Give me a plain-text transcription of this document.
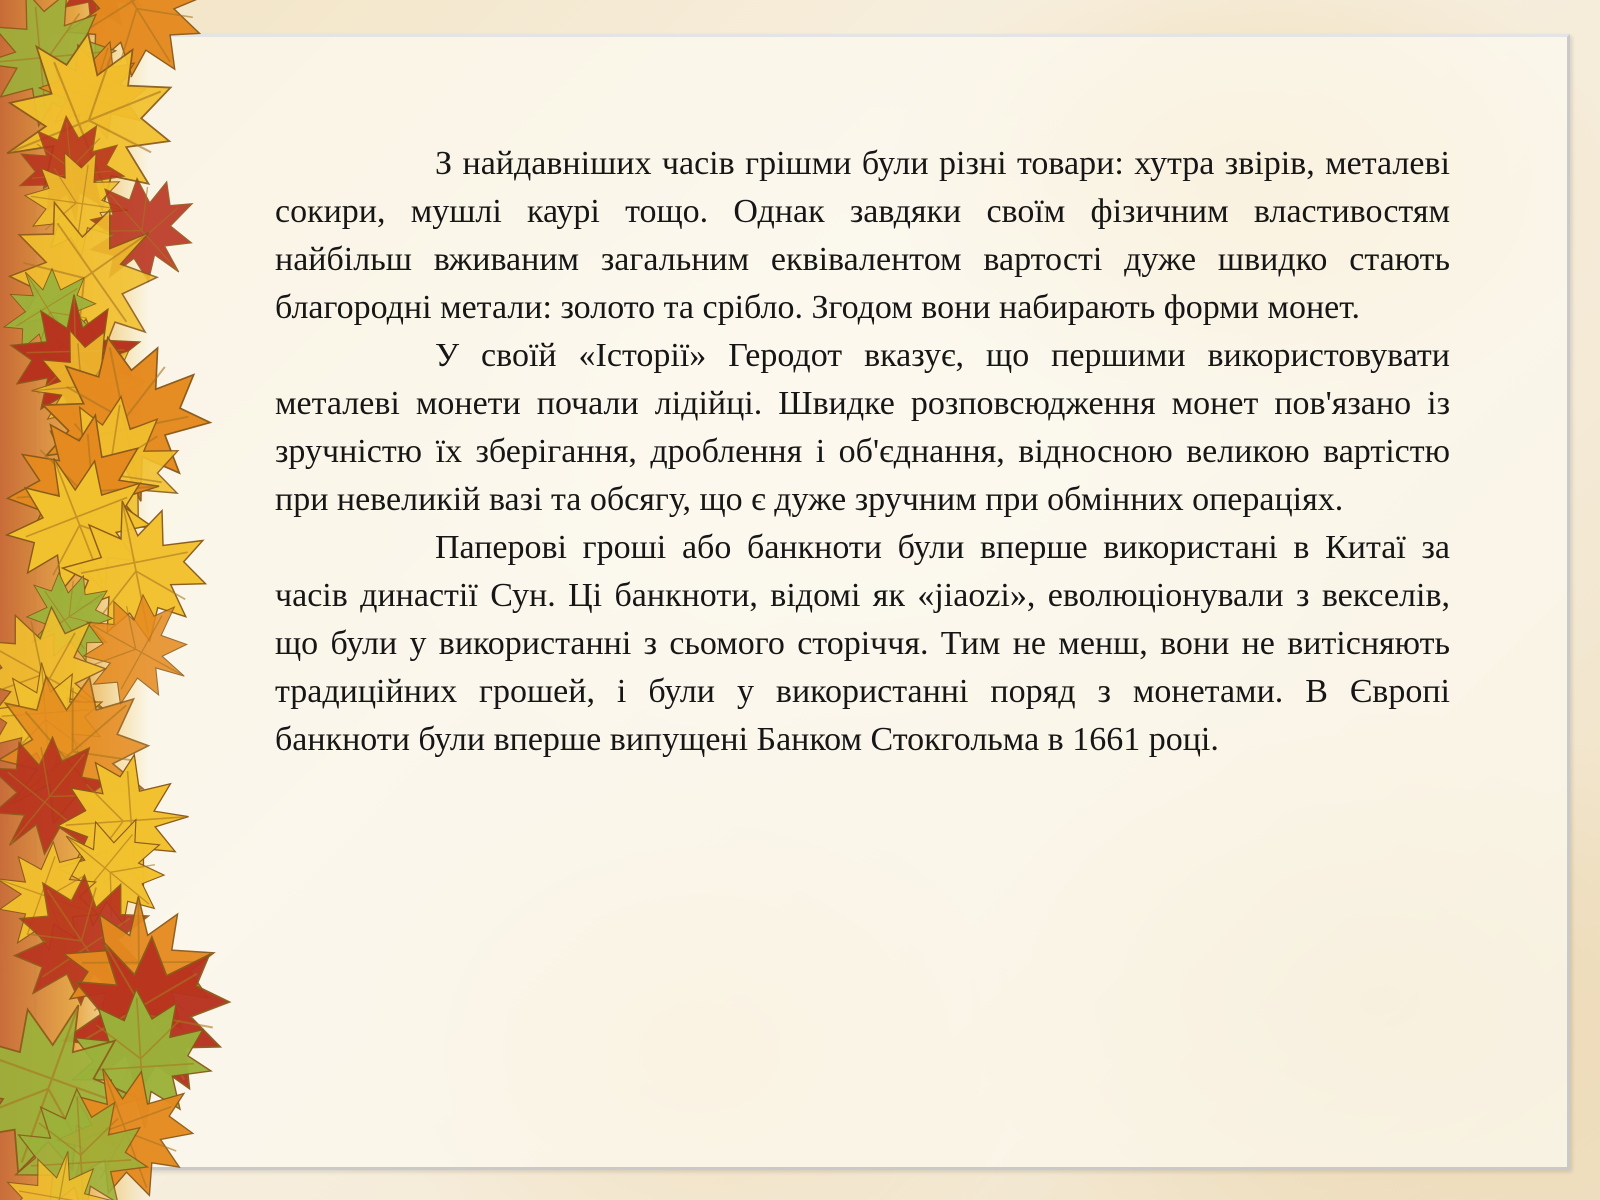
З найдавніших часів грішми були різні товари: хутра звірів, металеві сокири, мушлі каурі тощо. Однак завдяки своїм фізичним властивостям найбільш вживаним загальним еквівалентом вартості дуже швидко стають благородні метали: золото та срібло. Згодом вони набирають форми монет.

У своїй «Історії» Геродот вказує, що першими використовувати металеві монети почали лідійці. Швидке розповсюдження монет пов'язано із зручністю їх зберігання, дроблення і об'єднання, відносною великою вартістю при невеликій вазі та обсягу, що є дуже зручним при обмінних операціях.

Паперові гроші або банкноти були вперше використані в Китаї за часів династії Сун. Ці банкноти, відомі як «jiaozi», еволюціонували з векселів, що були у використанні з сьомого сторіччя. Тим не менш, вони не витісняють традиційних грошей, і були у використанні поряд з монетами. В Європі банкноти були вперше випущені Банком Стокгольма в 1661 році.
